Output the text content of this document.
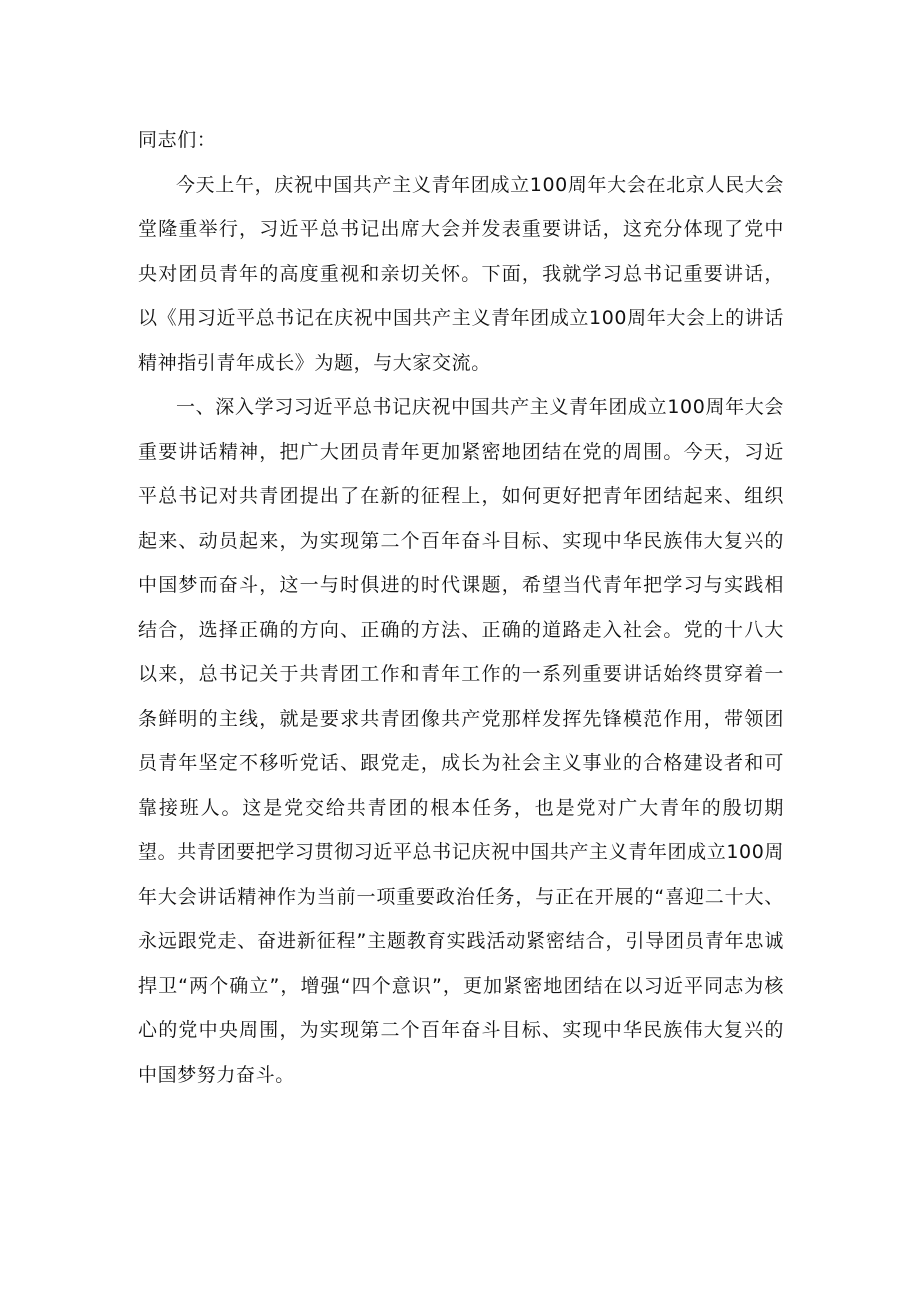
同志们：

今天上午，庆祝中国共产主义青年团成立100周年大会在北京人民大会堂隆重举行，习近平总书记出席大会并发表重要讲话，这充分体现了党中央对团员青年的高度重视和亲切关怀。下面，我就学习总书记重要讲话，以《用习近平总书记在庆祝中国共产主义青年团成立100周年大会上的讲话精神指引青年成长》为题，与大家交流。

一、深入学习习近平总书记庆祝中国共产主义青年团成立100周年大会重要讲话精神，把广大团员青年更加紧密地团结在党的周围。今天，习近平总书记对共青团提出了在新的征程上，如何更好把青年团结起来、组织起来、动员起来，为实现第二个百年奋斗目标、实现中华民族伟大复兴的中国梦而奋斗，这一与时俱进的时代课题，希望当代青年把学习与实践相结合，选择正确的方向、正确的方法、正确的道路走入社会。党的十八大以来，总书记关于共青团工作和青年工作的一系列重要讲话始终贯穿着一条鲜明的主线，就是要求共青团像共产党那样发挥先锋模范作用，带领团员青年坚定不移听党话、跟党走，成长为社会主义事业的合格建设者和可靠接班人。这是党交给共青团的根本任务，也是党对广大青年的殷切期望。共青团要把学习贯彻习近平总书记庆祝中国共产主义青年团成立100周年大会讲话精神作为当前一项重要政治任务，与正在开展的“喜迎二十大、永远跟党走、奋进新征程”主题教育实践活动紧密结合，引导团员青年忠诚捍卫“两个确立”，增强“四个意识”，更加紧密地团结在以习近平同志为核心的党中央周围，为实现第二个百年奋斗目标、实现中华民族伟大复兴的中国梦努力奋斗。
